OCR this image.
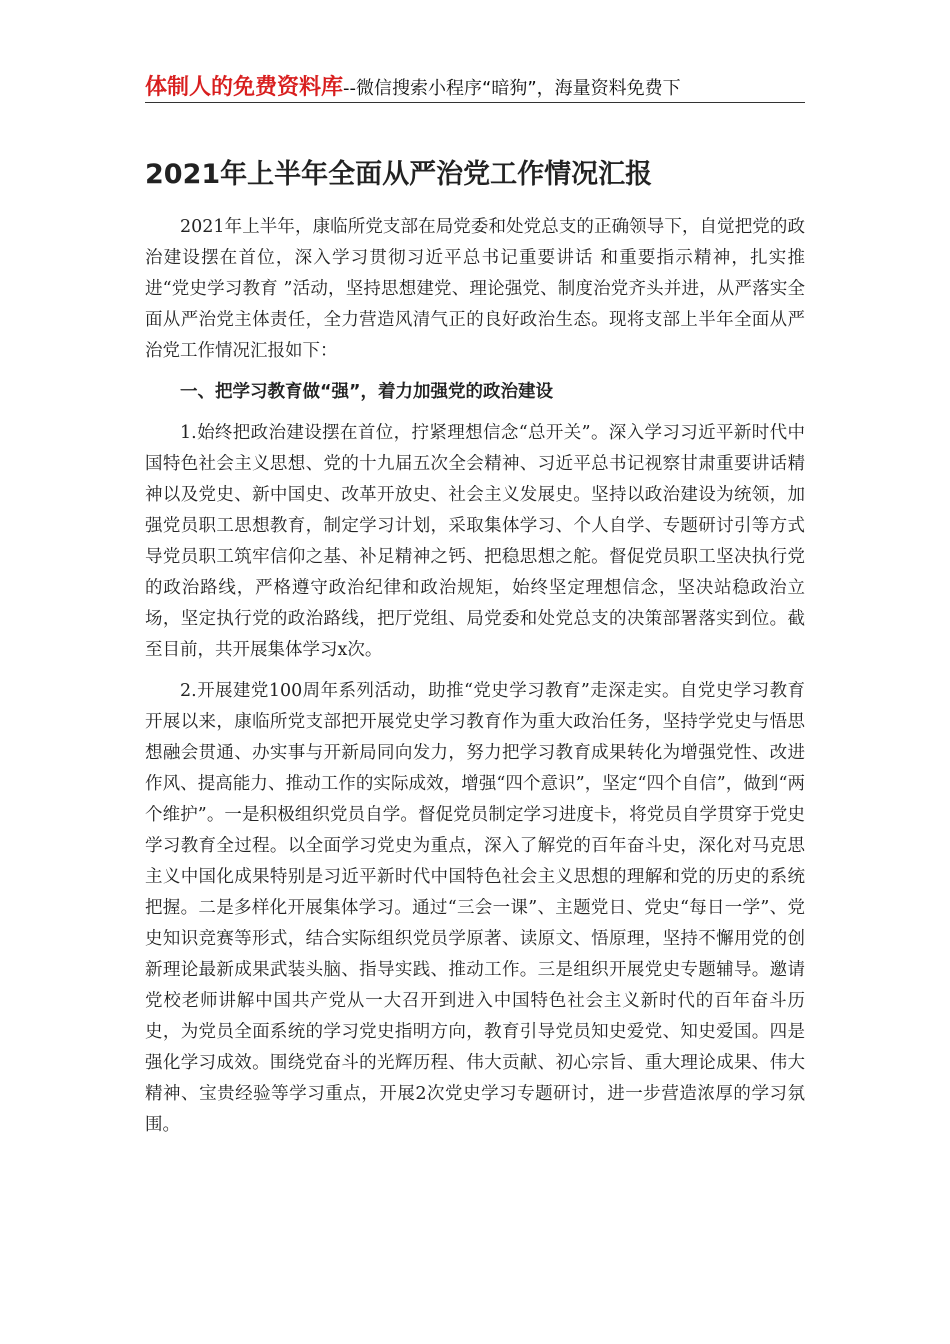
体制人的免费资料库--微信搜索小程序“暗狗”，海量资料免费下
2021年上半年全面从严治党工作情况汇报

2021年上半年，康临所党支部在局党委和处党总支的正确领导下，自觉把党的政治建设摆在首位，深入学习贯彻习近平总书记重要讲话 和重要指示精神，扎实推进“党史学习教育 ”活动，坚持思想建党、理论强党、制度治党齐头并进，从严落实全面从严治党主体责任，全力营造风清气正的良好政治生态。现将支部上半年全面从严治党工作情况汇报如下：

一、把学习教育做“强”，着力加强党的政治建设

1.始终把政治建设摆在首位，拧紧理想信念“总开关”。深入学习习近平新时代中国特色社会主义思想、党的十九届五次全会精神、习近平总书记视察甘肃重要讲话精神以及党史、新中国史、改革开放史、社会主义发展史。坚持以政治建设为统领，加强党员职工思想教育，制定学习计划，采取集体学习、个人自学、专题研讨引等方式导党员职工筑牢信仰之基、补足精神之钙、把稳思想之舵。督促党员职工坚决执行党的政治路线，严格遵守政治纪律和政治规矩，始终坚定理想信念，坚决站稳政治立场，坚定执行党的政治路线，把厅党组、局党委和处党总支的决策部署落实到位。截至目前，共开展集体学习x次。

2.开展建党100周年系列活动，助推“党史学习教育”走深走实。自党史学习教育开展以来，康临所党支部把开展党史学习教育作为重大政治任务，坚持学党史与悟思想融会贯通、办实事与开新局同向发力，努力把学习教育成果转化为增强党性、改进作风、提高能力、推动工作的实际成效，增强“四个意识”，坚定“四个自信”，做到“两个维护”。一是积极组织党员自学。督促党员制定学习进度卡，将党员自学贯穿于党史学习教育全过程。以全面学习党史为重点，深入了解党的百年奋斗史，深化对马克思主义中国化成果特别是习近平新时代中国特色社会主义思想的理解和党的历史的系统把握。二是多样化开展集体学习。通过“三会一课”、主题党日、党史“每日一学”、党史知识竞赛等形式，结合实际组织党员学原著、读原文、悟原理，坚持不懈用党的创新理论最新成果武装头脑、指导实践、推动工作。三是组织开展党史专题辅导。邀请党校老师讲解中国共产党从一大召开到进入中国特色社会主义新时代的百年奋斗历史，为党员全面系统的学习党史指明方向，教育引导党员知史爱党、知史爱国。四是强化学习成效。围绕党奋斗的光辉历程、伟大贡献、初心宗旨、重大理论成果、伟大精神、宝贵经验等学习重点，开展2次党史学习专题研讨，进一步营造浓厚的学习氛围。
